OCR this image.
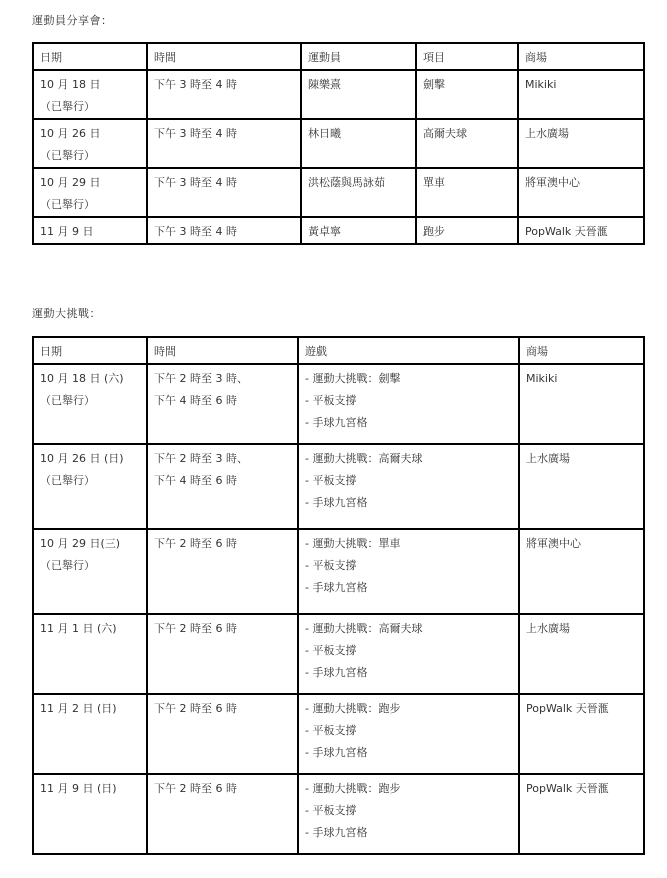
運動員分享會：
日期	時間	運動員	項目	商場

10 月 18 日
（已舉行）	下午 3 時至 4 時	陳樂熹	劍擊	Mikiki

10 月 26 日
（已舉行）	下午 3 時至 4 時	林日曦	高爾夫球	上水廣場

10 月 29 日
（已舉行）	下午 3 時至 4 時	洪松蔭與馬詠茹	單車	將軍澳中心

11 月 9 日	下午 3 時至 4 時	黃卓寧	跑步	PopWalk 天晉滙
運動大挑戰：
日期	時間	遊戲	商場

10 月 18 日 (六)
（已舉行）	下午 2 時至 3 時、
下午 4 時至 6 時	- 運動大挑戰：劍擊
- 平板支撐
- 手球九宮格	Mikiki

10 月 26 日 (日)
（已舉行）	下午 2 時至 3 時、
下午 4 時至 6 時	- 運動大挑戰：高爾夫球
- 平板支撐
- 手球九宮格	上水廣場

10 月 29 日(三)
（已舉行）	下午 2 時至 6 時	- 運動大挑戰：單車
- 平板支撐
- 手球九宮格	將軍澳中心

11 月 1 日 (六)	下午 2 時至 6 時	- 運動大挑戰：高爾夫球
- 平板支撐
- 手球九宮格	上水廣場

11 月 2 日 (日)	下午 2 時至 6 時	- 運動大挑戰：跑步
- 平板支撐
- 手球九宮格	PopWalk 天晉滙

11 月 9 日 (日)	下午 2 時至 6 時	- 運動大挑戰：跑步
- 平板支撐
- 手球九宮格	PopWalk 天晉滙
